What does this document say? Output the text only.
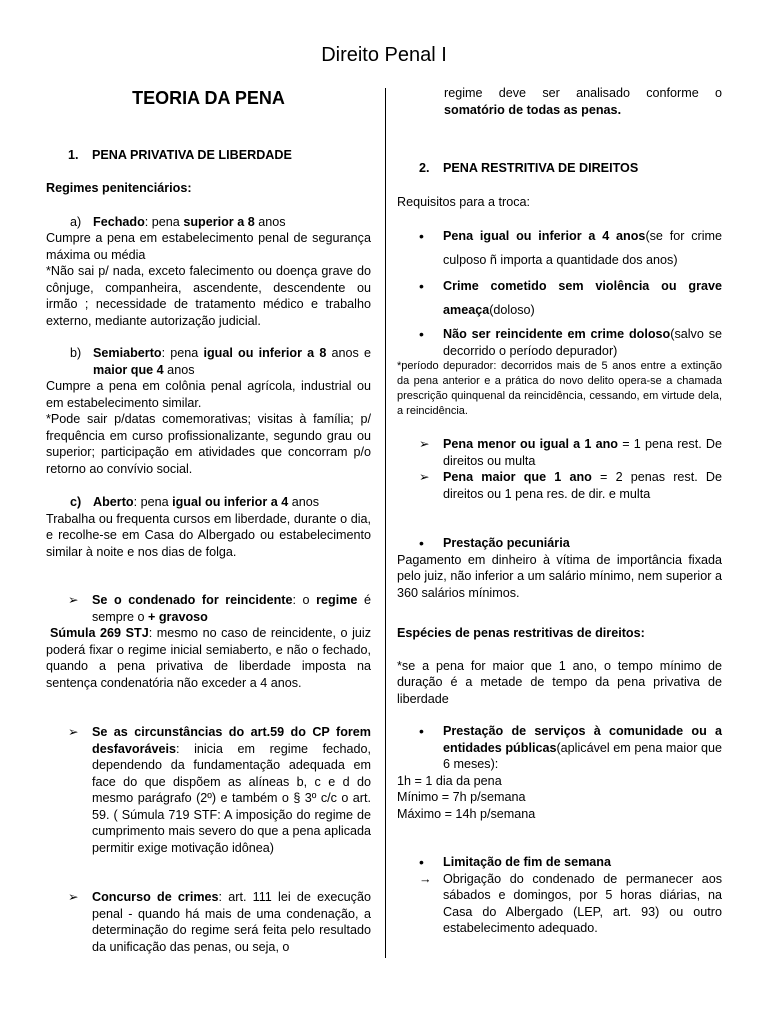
Direito Penal I
TEORIA DA PENA
1. PENA PRIVATIVA DE LIBERDADE
Regimes penitenciários:
a) Fechado: pena superior a 8 anos
Cumpre a pena em estabelecimento penal de segurança máxima ou média
*Não sai p/ nada, exceto falecimento ou doença grave do cônjuge, companheira, ascendente, descendente ou irmão ; necessidade de tratamento médico e trabalho externo, mediante autorização judicial.
b) Semiaberto: pena igual ou inferior a 8 anos e maior que 4 anos
Cumpre a pena em colônia penal agrícola, industrial ou em estabelecimento similar.
*Pode sair p/datas comemorativas; visitas à família; p/ frequência em curso profissionalizante, segundo grau ou superior; participação em atividades que concorram p/o retorno ao convívio social.
c) Aberto: pena igual ou inferior a 4 anos
Trabalha ou frequenta cursos em liberdade, durante o dia, e recolhe-se em Casa do Albergado ou estabelecimento similar à noite e nos dias de folga.
➢	Se o condenado for reincidente: o regime é sempre o + gravoso
Súmula 269 STJ: mesmo no caso de reincidente, o juiz poderá fixar o regime inicial semiaberto, e não o fechado, quando a pena privativa de liberdade imposta na sentença condenatória não exceder a 4 anos.
➢	Se as circunstâncias do art.59 do CP forem desfavoráveis: inicia em regime fechado, dependendo da fundamentação adequada em face do que dispõem as alíneas b, c e d do mesmo parágrafo (2º) e também o § 3º c/c o art. 59. ( Súmula 719 STF: A imposição do regime de cumprimento mais severo do que a pena aplicada permitir exige motivação idônea)
➢	Concurso de crimes: art. 111 lei de execução penal - quando há mais de uma condenação, a determinação do regime será feita pelo resultado da unificação das penas, ou seja, o
regime deve ser analisado conforme o somatório de todas as penas.
2. PENA RESTRITIVA DE DIREITOS
Requisitos para a troca:
•	Pena igual ou inferior a 4 anos(se for crime culposo ñ importa a quantidade dos anos)
•	Crime cometido sem violência ou grave ameaça(doloso)
•	Não ser reincidente em crime doloso(salvo se decorrido o período depurador)
*período depurador: decorridos mais de 5 anos entre a extinção da pena anterior e a prática do novo delito opera-se a chamada prescrição quinquenal da reincidência, cessando, em virtude dela, a reincidência.
➢	Pena menor ou igual a 1 ano = 1 pena rest. De direitos ou multa
➢	Pena maior que 1 ano = 2 penas rest. De direitos ou 1 pena res. de dir. e multa
•	Prestação pecuniária
Pagamento em dinheiro à vítima de importância fixada pelo juiz, não inferior a um salário mínimo, nem superior a 360 salários mínimos.
Espécies de penas restritivas de direitos:
*se a pena for maior que 1 ano, o tempo mínimo de duração é a metade de tempo da pena privativa de liberdade
•	Prestação de serviços à comunidade ou a entidades públicas(aplicável em pena maior que 6 meses):
1h = 1 dia da pena
Mínimo = 7h p/semana
Máximo = 14h p/semana
•	Limitação de fim de semana
→ Obrigação do condenado de permanecer aos sábados e domingos, por 5 horas diárias, na Casa do Albergado (LEP, art. 93) ou outro estabelecimento adequado.
